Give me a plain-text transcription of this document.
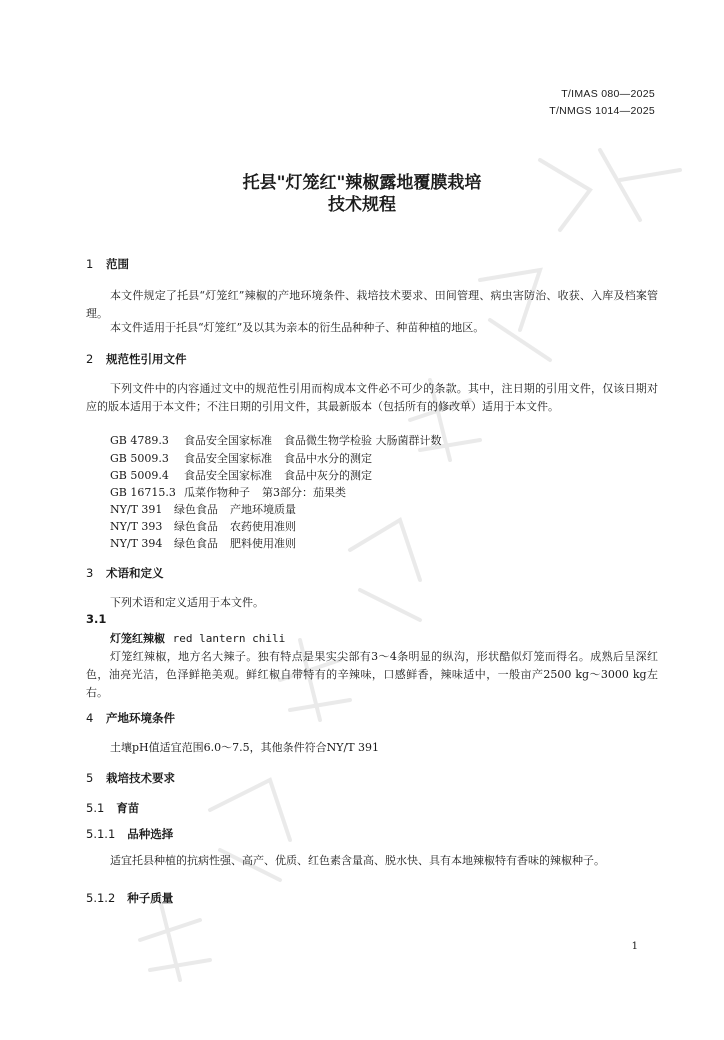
T/IMAS 080—2025
T/NMGS 1014—2025
托县"灯笼红"辣椒露地覆膜栽培
技术规程
1 范围
本文件规定了托县“灯笼红”辣椒的产地环境条件、栽培技术要求、田间管理、病虫害防治、收获、入库及档案管理。
本文件适用于托县“灯笼红”及以其为亲本的衍生品种种子、种苗种植的地区。
2 规范性引用文件
下列文件中的内容通过文中的规范性引用而构成本文件必不可少的条款。其中，注日期的引用文件，仅该日期对应的版本适用于本文件；不注日期的引用文件，其最新版本（包括所有的修改单）适用于本文件。
GB 4789.3 食品安全国家标准 食品微生物学检验 大肠菌群计数
GB 5009.3 食品安全国家标准 食品中水分的测定
GB 5009.4 食品安全国家标准 食品中灰分的测定
GB 16715.3 瓜菜作物种子 第3部分：茄果类
NY/T 391 绿色食品 产地环境质量
NY/T 393 绿色食品 农药使用准则
NY/T 394 绿色食品 肥料使用准则
3 术语和定义
下列术语和定义适用于本文件。
3.1
灯笼红辣椒 red lantern chili
灯笼红辣椒，地方名大辣子。独有特点是果实尖部有3～4条明显的纵沟，形状酷似灯笼而得名。成熟后呈深红色，油亮光洁，色泽鲜艳美观。鲜红椒自带特有的辛辣味，口感鲜香，辣味适中，一般亩产2500 kg～3000 kg左右。
4 产地环境条件
土壤pH值适宜范围6.0～7.5，其他条件符合NY/T 391
5 栽培技术要求
5.1 育苗
5.1.1 品种选择
适宜托县种植的抗病性强、高产、优质、红色素含量高、脱水快、具有本地辣椒特有香味的辣椒种子。
5.1.2 种子质量
1
